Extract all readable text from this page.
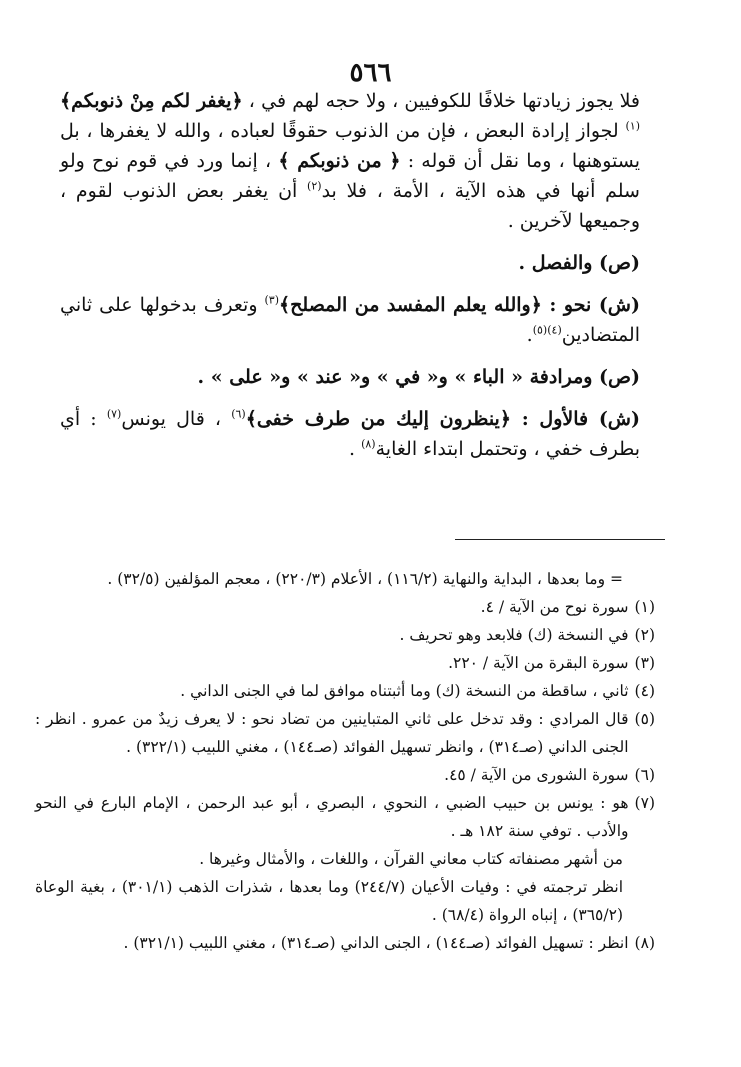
٥٦٦

فلا يجوز زيادتها خلافًا للكوفيين ، ولا حجه لهم في ، ﴿يغفر لكم مِنْ ذنوبكم﴾$^{(١)}$ لجواز إرادة البعض ، فإن من الذنوب حقوقًا لعباده ، والله لا يغفرها ، بل يستوهنها ، وما نقل أن قوله : ﴿ من ذنوبكم ﴾ ، إنما ورد في قوم نوح ولو سلم أنها في هذه الآية ، الأمة ، فلا بد$^{(٢)}$ أن يغفر بعض الذنوب لقوم ، وجميعها لآخرين .

(ص) والفصل .

(ش) نحو : ﴿والله يعلم المفسد من المصلح﴾$^{(٣)}$ وتعرف بدخولها على ثاني المتضادين$^{(٤)(٥)}$.

(ص) ومرادفة « الباء » و« في » و« عند » و« على » .

(ش) فالأول : ﴿ينظرون إليك من طرف خفى﴾$^{(٦)}$ ، قال يونس$^{(٧)}$ : أي بطرف خفي ، وتحتمل ابتداء الغاية$^{(٨)}$ .

= وما بعدها ، البداية والنهاية (١١٦/٢) ، الأعلام (٢٢٠/٣) ، معجم المؤلفين (٣٢/٥) .
(١)
سورة نوح من الآية / ٤.
(٢)
في النسخة (ك) فلابعد وهو تحريف .
(٣)
سورة البقرة من الآية / ٢٢٠.
(٤)
ثاني ، ساقطة من النسخة (ك) وما أثبتناه موافق لما في الجنى الداني .
(٥)
قال المرادي : وقد تدخل على ثاني المتباينين من تضاد نحو : لا يعرف زيدٌ من عمرو . انظر : الجنى الداني (صـ٣١٤) ، وانظر تسهيل الفوائد (صـ١٤٤) ، مغني اللبيب (٣٢٢/١) .
(٦)
سورة الشورى من الآية / ٤٥.
(٧)
هو : يونس بن حبيب الضبي ، النحوي ، البصري ، أبو عبد الرحمن ، الإمام البارع في النحو والأدب . توفي سنة ١٨٢ هـ .
من أشهر مصنفاته كتاب معاني القرآن ، واللغات ، والأمثال وغيرها .
انظر ترجمته في : وفيات الأعيان (٢٤٤/٧) وما بعدها ، شذرات الذهب (٣٠١/١) ، بغية الوعاة (٣٦٥/٢) ، إنباه الرواة (٦٨/٤) .
(٨)
انظر : تسهيل الفوائد (صـ١٤٤) ، الجنى الداني (صـ٣١٤) ، مغني اللبيب (٣٢١/١) .
